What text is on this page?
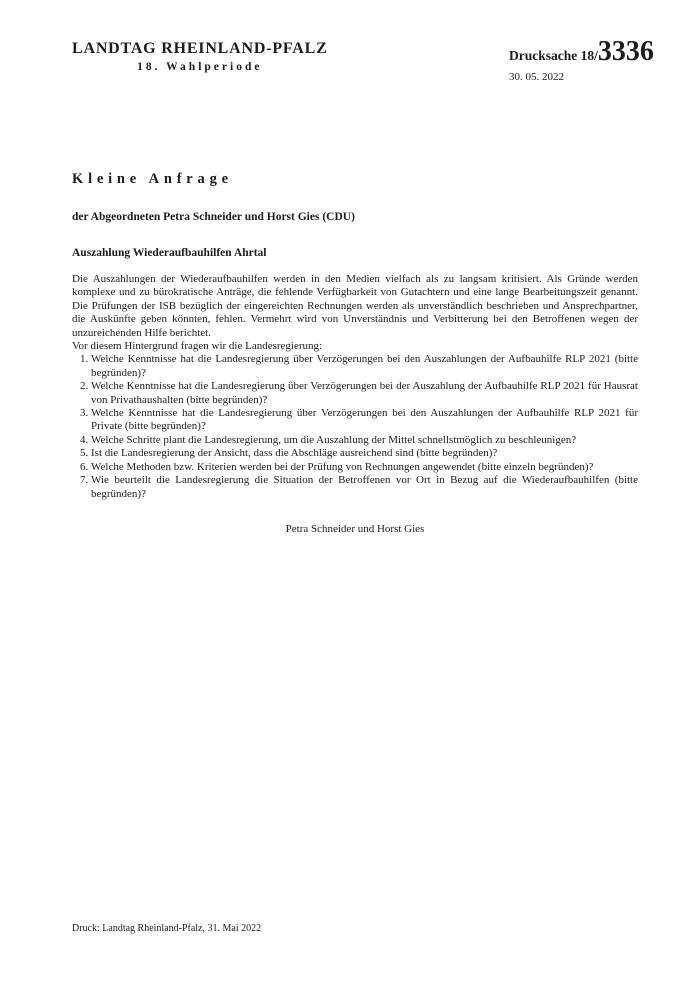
LANDTAG RHEINLAND-PFALZ
18. Wahlperiode
Drucksache 18/3336
30. 05. 2022
Kleine Anfrage
der Abgeordneten Petra Schneider und Horst Gies (CDU)
Auszahlung Wiederaufbauhilfen Ahrtal

Die Auszahlungen der Wiederaufbauhilfen werden in den Medien vielfach als zu langsam kritisiert. Als Gründe werden komplexe und zu bürokratische Anträge, die fehlende Verfügbarkeit von Gutachtern und eine lange Bearbeitungszeit genannt. Die Prüfungen der ISB bezüglich der eingereichten Rechnungen werden als unverständlich beschrieben und Ansprechpartner, die Auskünfte geben könnten, fehlen. Vermehrt wird von Unverständnis und Verbitterung bei den Betroffenen wegen der unzureichenden Hilfe berichtet.

Vor diesem Hintergrund fragen wir die Landesregierung:

1. Welche Kenntnisse hat die Landesregierung über Verzögerungen bei den Auszahlungen der Aufbauhilfe RLP 2021 (bitte begründen)?
2. Welche Kenntnisse hat die Landesregierung über Verzögerungen bei der Auszahlung der Aufbauhilfe RLP 2021 für Hausrat von Privathaushalten (bitte begründen)?
3. Welche Kenntnisse hat die Landesregierung über Verzögerungen bei den Auszahlungen der Aufbauhilfe RLP 2021 für Private (bitte begründen)?
4. Welche Schritte plant die Landesregierung, um die Auszahlung der Mittel schnellstmöglich zu beschleunigen?
5. Ist die Landesregierung der Ansicht, dass die Abschläge ausreichend sind (bitte begründen)?
6. Welche Methoden bzw. Kriterien werden bei der Prüfung von Rechnungen angewendet (bitte einzeln begründen)?
7. Wie beurteilt die Landesregierung die Situation der Betroffenen vor Ort in Bezug auf die Wiederaufbauhilfen (bitte begründen)?
Petra Schneider und Horst Gies
Druck: Landtag Rheinland-Pfalz, 31. Mai 2022
